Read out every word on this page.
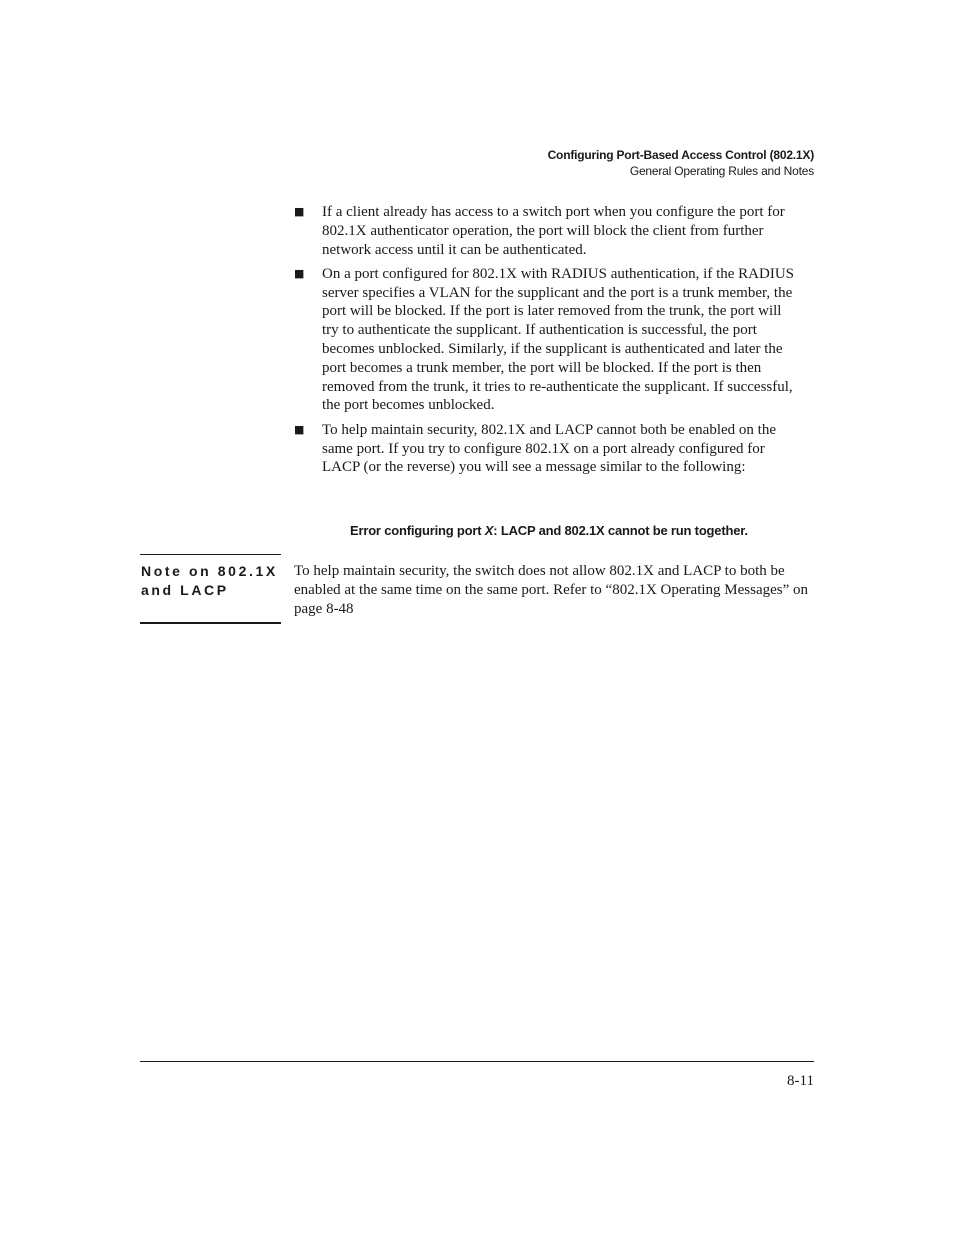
Configuring Port-Based Access Control (802.1X)
General Operating Rules and Notes
■ If a client already has access to a switch port when you configure the port for 802.1X authenticator operation, the port will block the client from further network access until it can be authenticated.
■ On a port configured for 802.1X with RADIUS authentication, if the RADIUS server specifies a VLAN for the supplicant and the port is a trunk member, the port will be blocked. If the port is later removed from the trunk, the port will try to authenticate the supplicant. If authentication is successful, the port becomes unblocked. Similarly, if the supplicant is authenticated and later the port becomes a trunk member, the port will be blocked. If the port is then removed from the trunk, it tries to re-authenticate the supplicant. If successful, the port becomes unblocked.
■ To help maintain security, 802.1X and LACP cannot both be enabled on the same port. If you try to configure 802.1X on a port already configured for LACP (or the reverse) you will see a message similar to the following:
Error configuring port X: LACP and 802.1X cannot be run together.
Note on 802.1X
and LACP
To help maintain security, the switch does not allow 802.1X and LACP to both be enabled at the same time on the same port. Refer to “802.1X Operating Messages” on page 8-48
8-11
